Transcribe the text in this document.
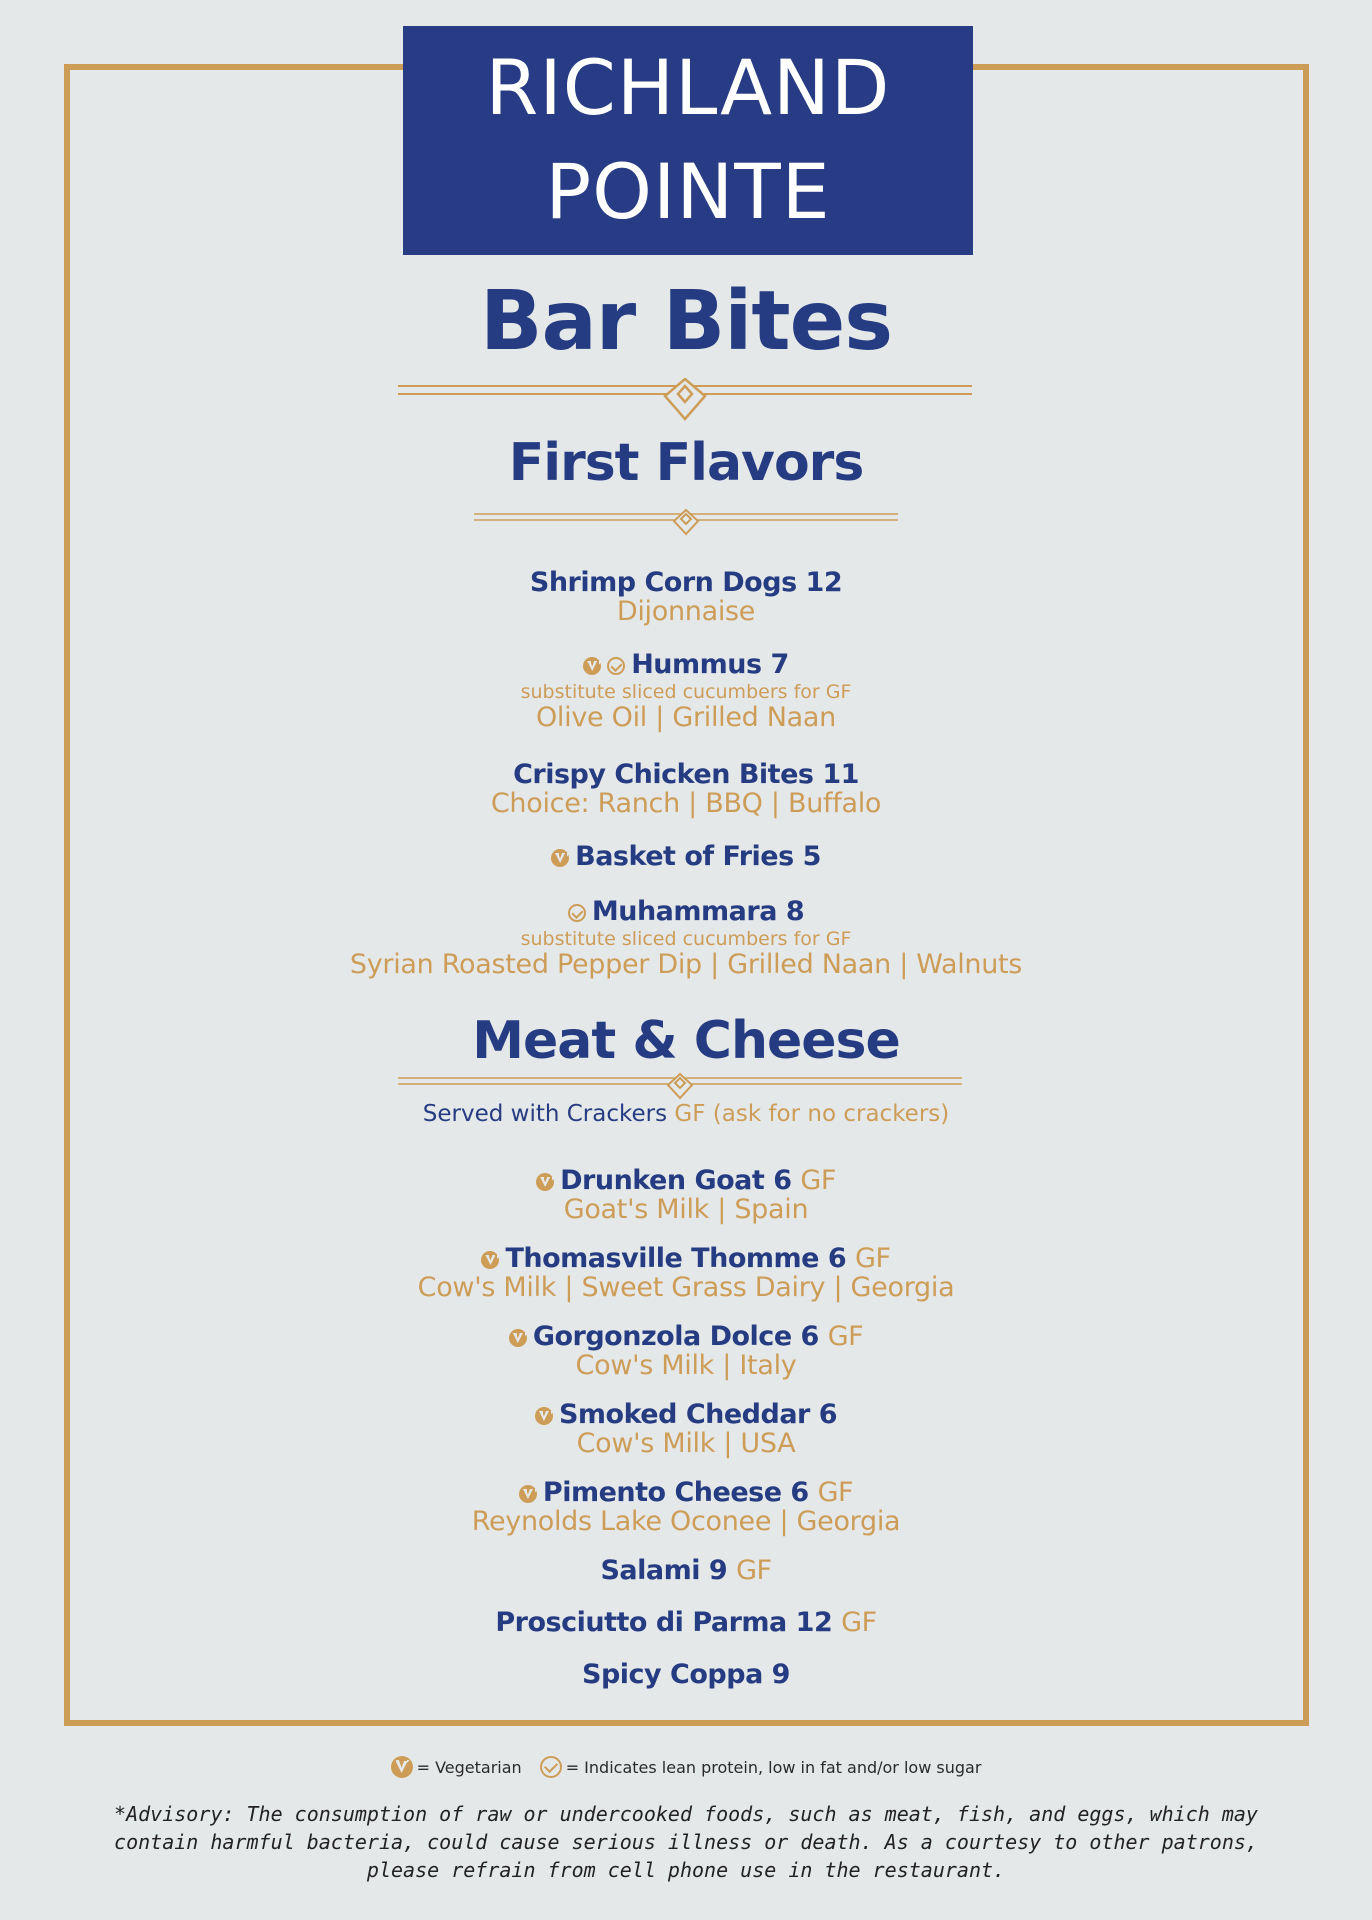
RICHLAND
POINTE
Bar Bites
First Flavors
Shrimp Corn Dogs 12
Dijonnaise
Hummus 7
substitute sliced cucumbers for GF
Olive Oil | Grilled Naan
Crispy Chicken Bites 11
Choice: Ranch | BBQ | Buffalo
Basket of Fries 5
Muhammara 8
substitute sliced cucumbers for GF
Syrian Roasted Pepper Dip | Grilled Naan | Walnuts
Meat & Cheese
Served with Crackers GF (ask for no crackers)
Drunken Goat 6 GF
Goat's Milk | Spain
Thomasville Thomme 6 GF
Cow's Milk | Sweet Grass Dairy | Georgia
Gorgonzola Dolce 6 GF
Cow's Milk | Italy
Smoked Cheddar 6
Cow's Milk | USA
Pimento Cheese 6 GF
Reynolds Lake Oconee | Georgia
Salami 9 GF
Prosciutto di Parma 12 GF
Spicy Coppa 9
= Vegetarian	= Indicates lean protein, low in fat and/or low sugar
*Advisory: The consumption of raw or undercooked foods, such as meat, fish, and eggs, which may contain harmful bacteria, could cause serious illness or death. As a courtesy to other patrons, please refrain from cell phone use in the restaurant.
